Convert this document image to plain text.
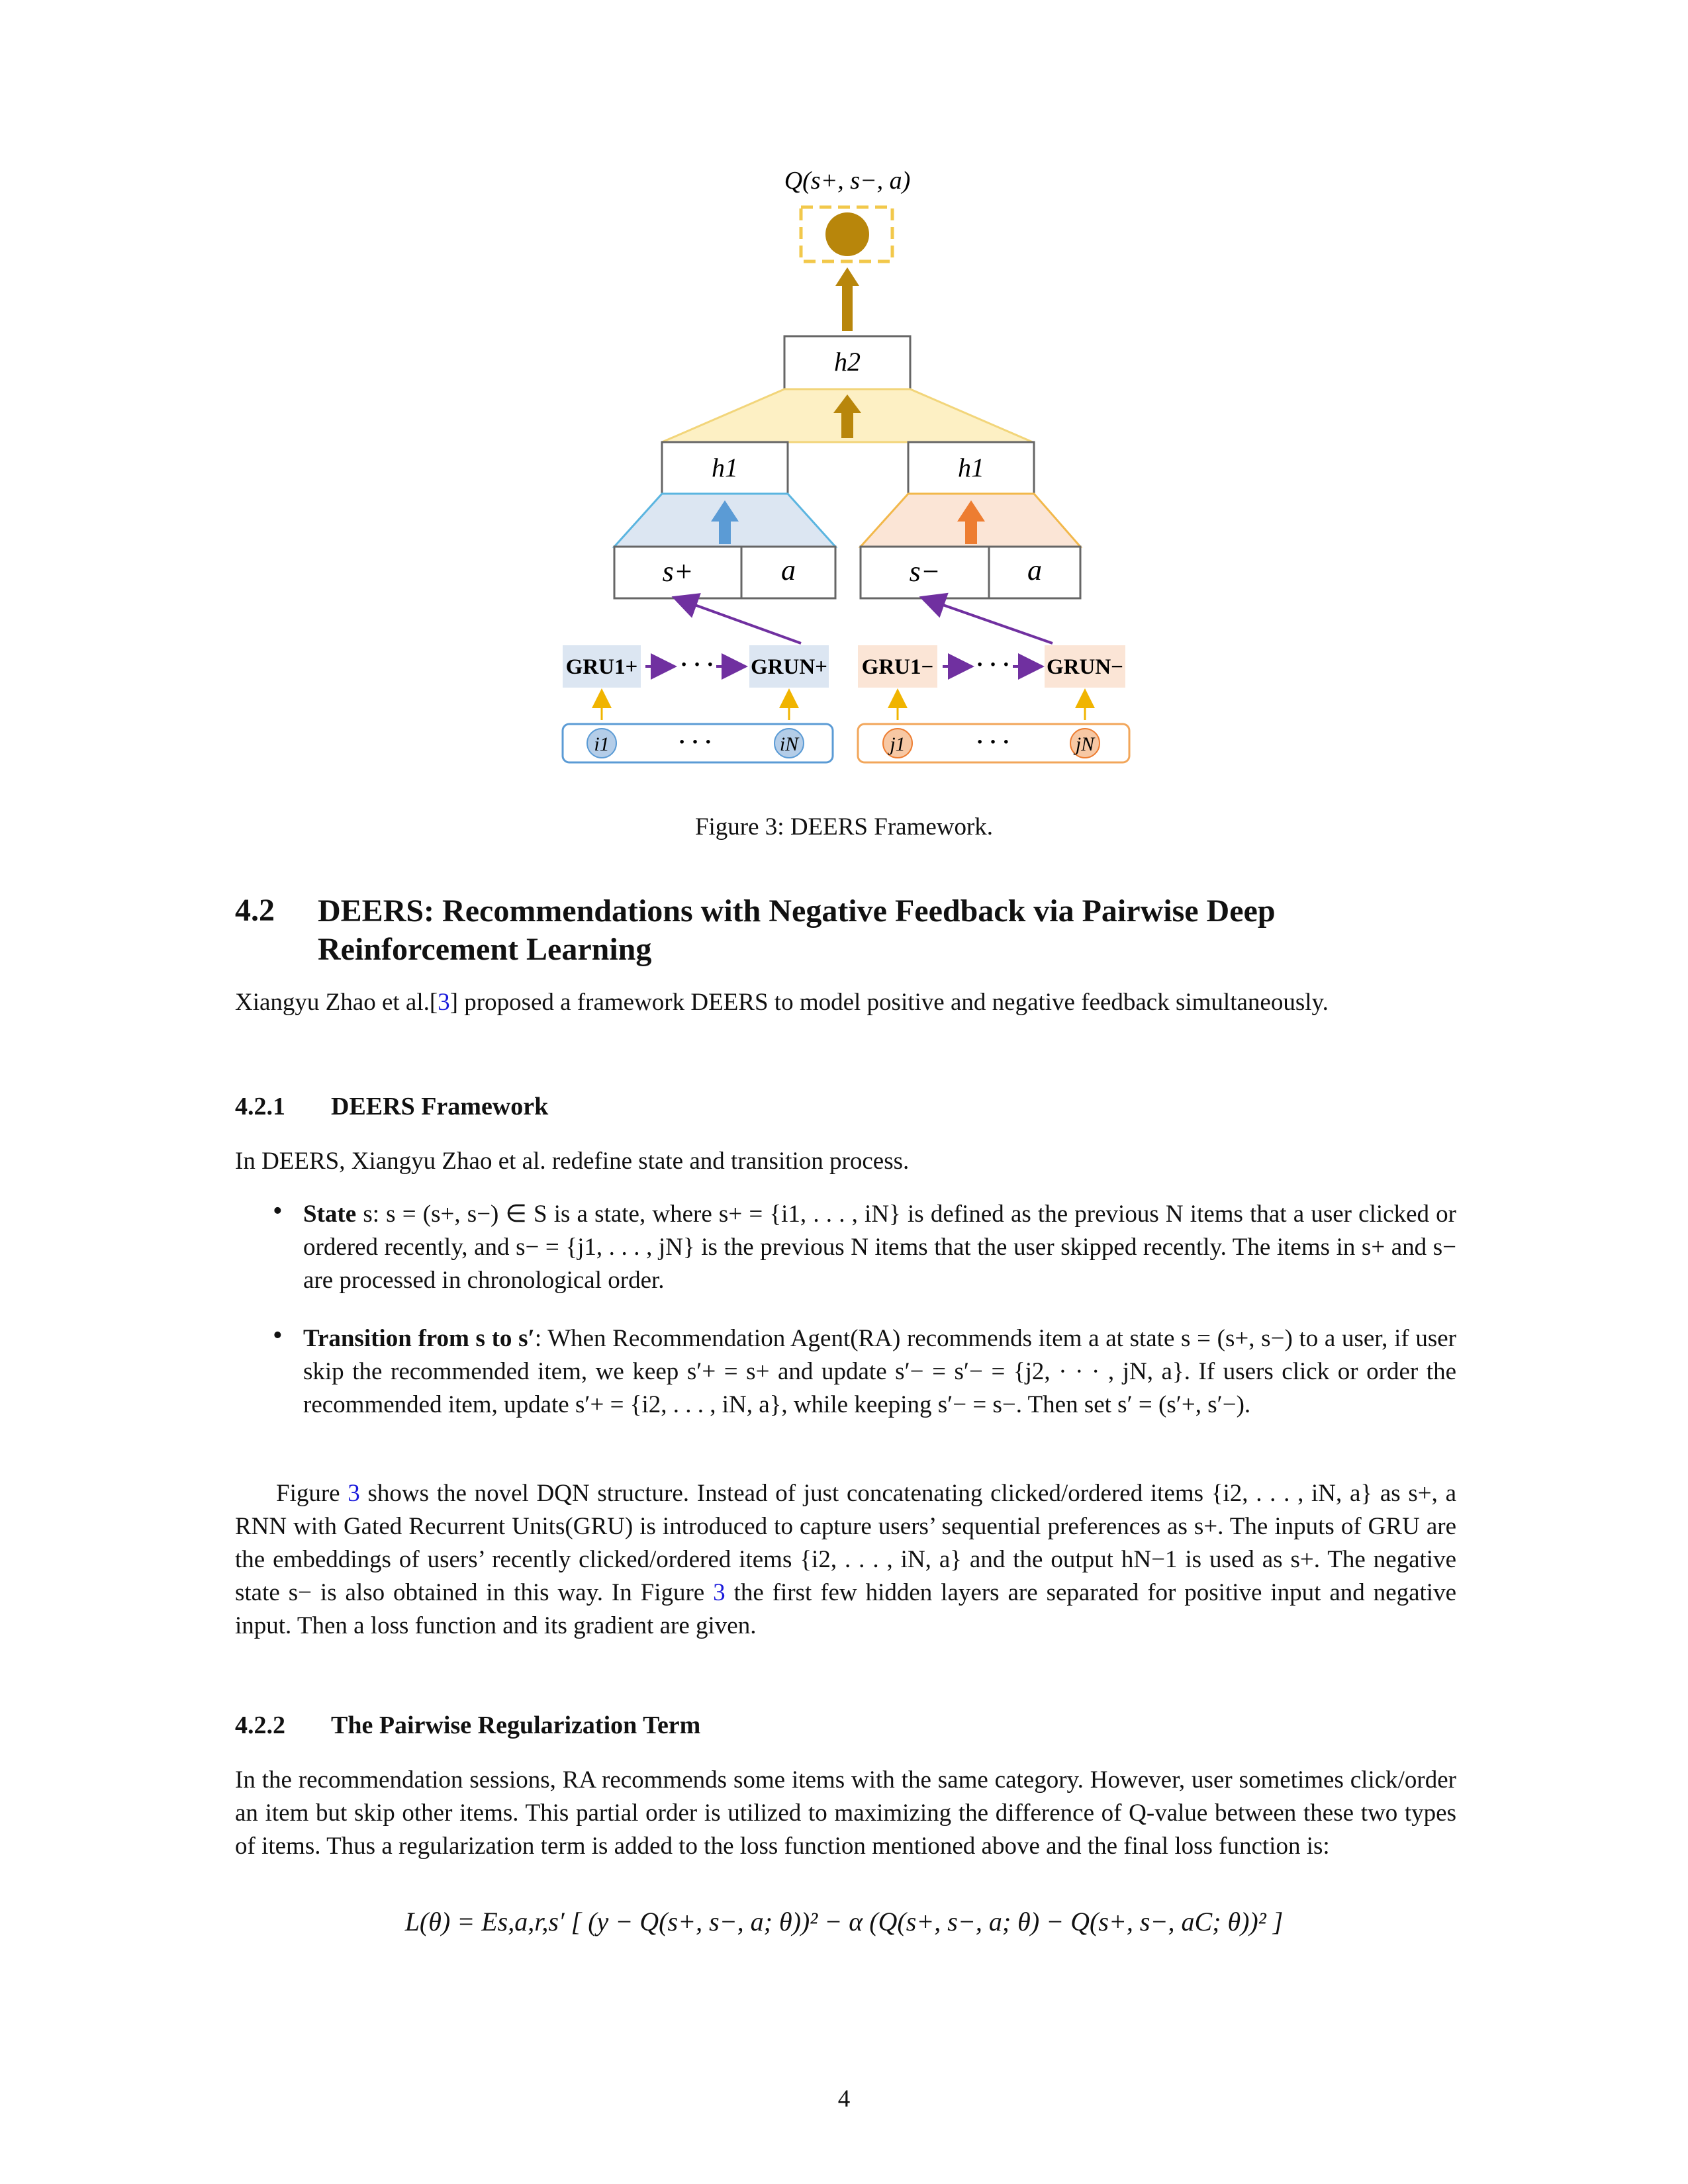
Q(s+, s−, a)
h2
h1	h1
s+	a	s−	a
GRU1+ · · · GRUN+ GRU1− · · · GRUN−
i1	· · ·	iN	j1	· · ·	jN
Figure 3: DEERS Framework.
4.2 DEERS: Recommendations with Negative Feedback via Pairwise Deep Reinforcement Learning
Xiangyu Zhao et al.[3] proposed a framework DEERS to model positive and negative feedback simultaneously.
4.2.1 DEERS Framework
In DEERS, Xiangyu Zhao et al. redefine state and transition process.
• State s: s = (s+, s−) ∈ S is a state, where s+ = {i1, . . . , iN} is defined as the previous N items that a user clicked or ordered recently, and s− = {j1, . . . , jN} is the previous N items that the user skipped recently. The items in s+ and s− are processed in chronological order.
• Transition from s to s′: When Recommendation Agent(RA) recommends item a at state s = (s+, s−) to a user, if user skip the recommended item, we keep s′+ = s+ and update s′− = s′− = {j2, · · · , jN, a}. If users click or order the recommended item, update s′+ = {i2, . . . , iN, a}, while keeping s′− = s−. Then set s′ = (s′+, s′−).
Figure 3 shows the novel DQN structure. Instead of just concatenating clicked/ordered items {i2, . . . , iN, a} as s+, a RNN with Gated Recurrent Units(GRU) is introduced to capture users’ sequential preferences as s+. The inputs of GRU are the embeddings of users’ recently clicked/ordered items {i2, . . . , iN, a} and the output hN−1 is used as s+. The negative state s− is also obtained in this way. In Figure 3 the first few hidden layers are separated for positive input and negative input. Then a loss function and its gradient are given.
4.2.2 The Pairwise Regularization Term
In the recommendation sessions, RA recommends some items with the same category. However, user sometimes click/order an item but skip other items. This partial order is utilized to maximizing the difference of Q-value between these two types of items. Thus a regularization term is added to the loss function mentioned above and the final loss function is:
L(θ) = Es,a,r,s′ [ (y − Q(s+, s−, a; θ))² − α (Q(s+, s−, a; θ) − Q(s+, s−, aC; θ))² ]
4
